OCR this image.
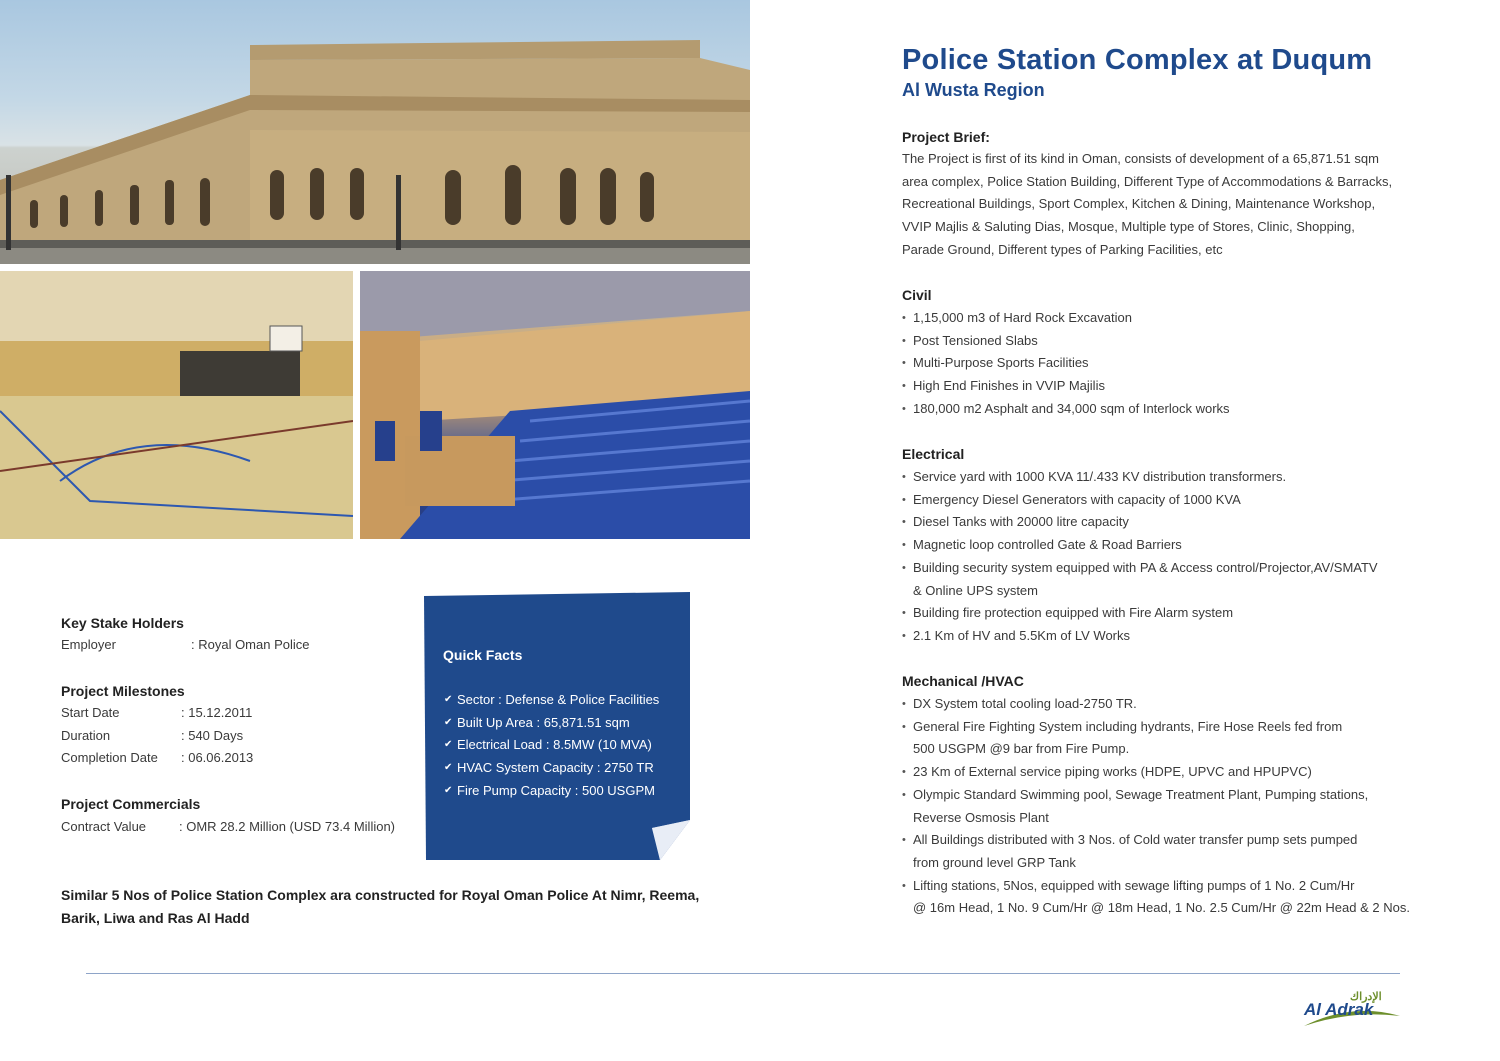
Police Station Complex at Duqum
Al Wusta Region
Project Brief:
The Project is first of its kind in Oman, consists of development of a 65,871.51 sqm
area complex, Police Station Building, Different Type of Accommodations & Barracks,
Recreational Buildings, Sport Complex, Kitchen & Dining, Maintenance Workshop,
VVIP Majlis & Saluting Dias, Mosque, Multiple type of Stores, Clinic, Shopping,
Parade Ground, Different types of Parking Facilities, etc
Civil
• 1,15,000 m3 of Hard Rock Excavation
• Post Tensioned Slabs
• Multi-Purpose Sports Facilities
• High End Finishes in VVIP Majilis
• 180,000 m2 Asphalt and 34,000 sqm of Interlock works
Electrical
• Service yard with 1000 KVA 11/.433 KV distribution transformers.
• Emergency Diesel Generators with capacity of 1000 KVA
• Diesel Tanks with 20000 litre capacity
• Magnetic loop controlled Gate & Road Barriers
• Building security system equipped with PA & Access control/Projector,AV/SMATV
& Online UPS system
• Building fire protection equipped with Fire Alarm system
• 2.1 Km of HV and 5.5Km of LV Works
Mechanical /HVAC
• DX System total cooling load-2750 TR.
• General Fire Fighting System including hydrants, Fire Hose Reels fed from
500 USGPM @9 bar from Fire Pump.
• 23 Km of External service piping works (HDPE, UPVC and HPUPVC)
• Olympic Standard Swimming pool, Sewage Treatment Plant, Pumping stations,
Reverse Osmosis Plant
• All Buildings distributed with 3 Nos. of Cold water transfer pump sets pumped
from ground level GRP Tank
• Lifting stations, 5Nos, equipped with sewage lifting pumps of 1 No. 2 Cum/Hr
@ 16m Head, 1 No. 9 Cum/Hr @ 18m Head, 1 No. 2.5 Cum/Hr @ 22m Head & 2 Nos.
Key Stake Holders
Employer	: Royal Oman Police
Project Milestones
Start Date	: 15.12.2011
Duration	: 540 Days
Completion Date : 06.06.2013
Project Commercials
Contract Value	: OMR 28.2 Million (USD 73.4 Million)
Quick Facts
✔ Sector : Defense & Police Facilities
✔ Built Up Area : 65,871.51 sqm
✔ Electrical Load : 8.5MW (10 MVA)
✔ HVAC System Capacity : 2750 TR
✔ Fire Pump Capacity : 500 USGPM
Similar 5 Nos of Police Station Complex ara constructed for Royal Oman Police At Nimr, Reema, Barik, Liwa and Ras Al Hadd
الإدراك
Al Adrak
